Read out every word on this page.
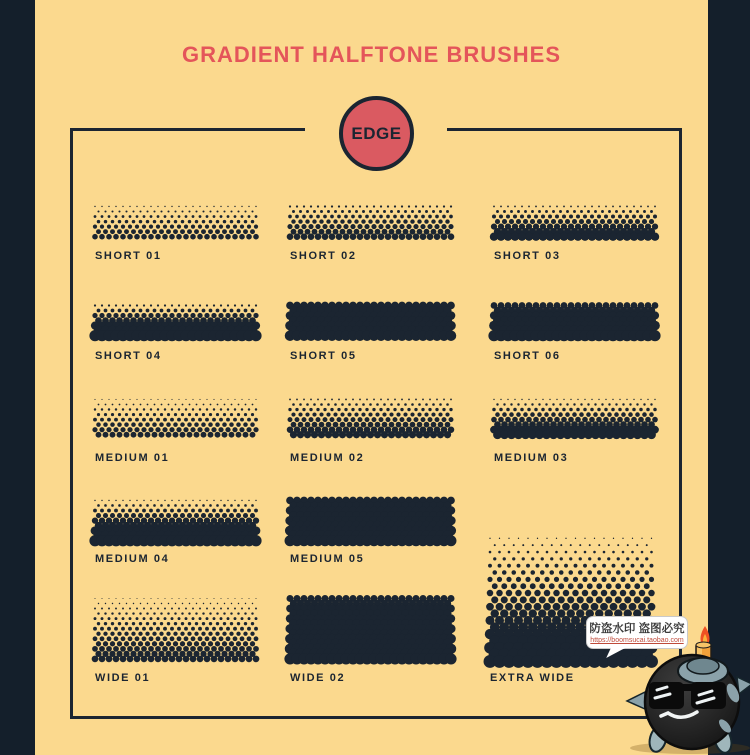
GRADIENT HALFTONE BRUSHES
EDGE
SHORT 01	SHORT 02	SHORT 03
SHORT 04	SHORT 05	SHORT 06
MEDIUM 01	MEDIUM 02	MEDIUM 03
MEDIUM 04	MEDIUM 05
WIDE 01	WIDE 02	EXTRA WIDE
防盗水印 盗图必究
https://boomsucai.taobao.com
